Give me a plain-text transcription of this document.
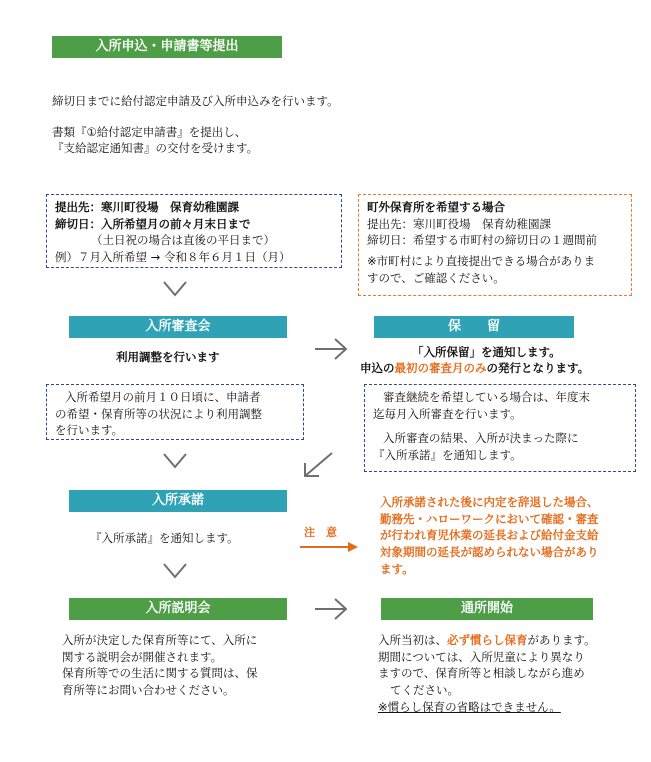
入所申込・申請書等提出
締切日までに給付認定申請及び入所申込みを行います。
書類『①給付認定申請書』を提出し、
『支給認定通知書』の交付を受けます。
提出先：寒川町役場　保育幼稚園課
締切日：入所希望月の前々月末日まで
（土日祝の場合は直後の平日まで）
例）７月入所希望 → 令和８年６月１日（月）
町外保育所を希望する場合
提出先：寒川町役場　保育幼稚園課
締切日：希望する市町村の締切日の１週間前
※市町村により直接提出できる場合がありま
すので、ご確認ください。
入所審査会
利用調整を行います
保　　留
「入所保留」を通知します。
申込の最初の審査月のみの発行となります。
入所希望月の前月１０日頃に、申請者
の希望・保育所等の状況により利用調整
を行います。
審査継続を希望している場合は、年度末
迄毎月入所審査を行います。
入所審査の結果、入所が決まった際に
『入所承諾』を通知します。
入所承諾
『入所承諾』を通知します。	注　意
入所承諾された後に内定を辞退した場合、
勤務先・ハローワークにおいて確認・審査
が行われ育児休業の延長および給付金支給
対象期間の延長が認められない場合があり
ます。
入所説明会
入所が決定した保育所等にて、入所に
関する説明会が開催されます。
保育所等での生活に関する質問は、保
育所等にお問い合わせください。
通所開始
入所当初は、必ず慣らし保育があります。
期間については、入所児童により異なり
ますので、保育所等と相談しながら進め
てください。
※慣らし保育の省略はできません。
